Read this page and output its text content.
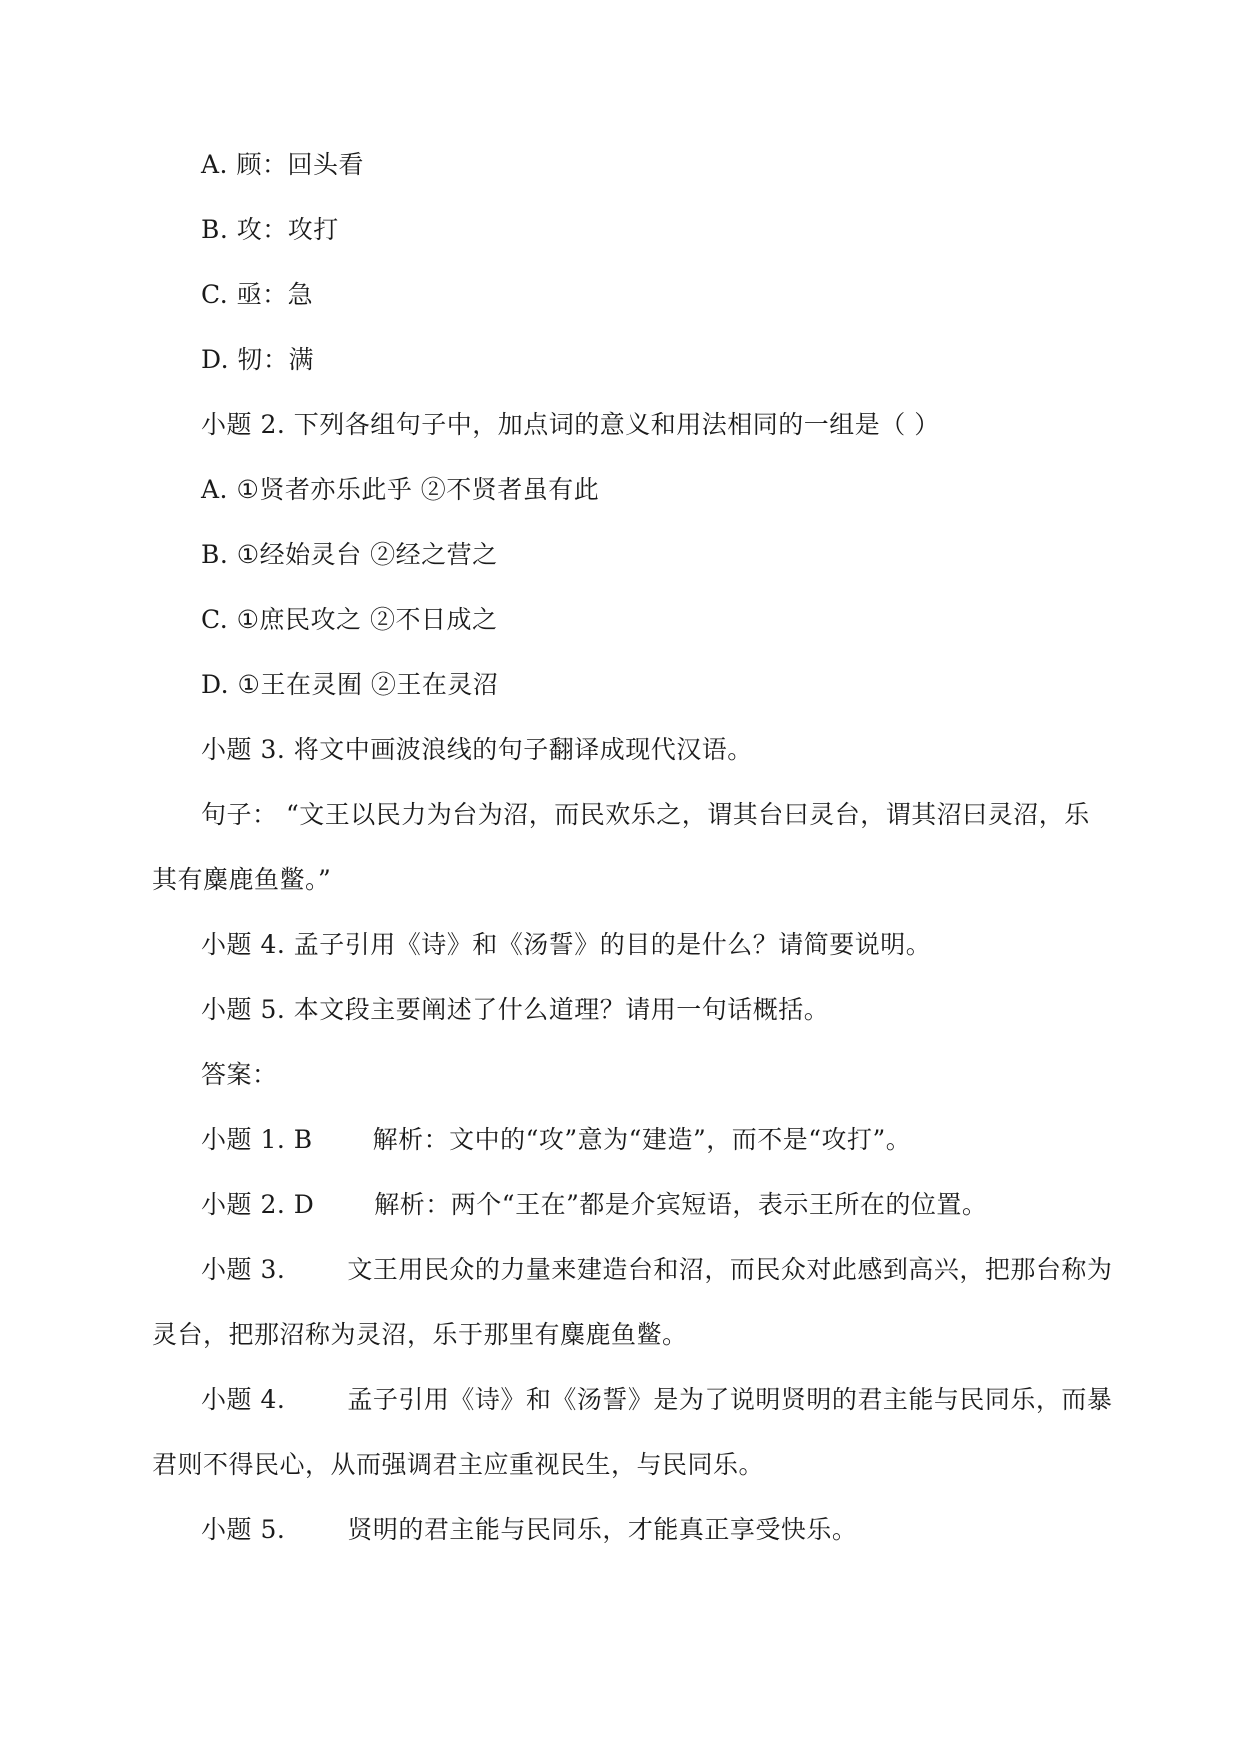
A. 顾：回头看
B. 攻：攻打
C. 亟：急
D. 牣：满
小题 2. 下列各组句子中，加点词的意义和用法相同的一组是（ ）
A. ①贤者亦乐此乎 ②不贤者虽有此
B. ①经始灵台 ②经之营之
C. ①庶民攻之 ②不日成之
D. ①王在灵囿 ②王在灵沼
小题 3. 将文中画波浪线的句子翻译成现代汉语。
句子： “文王以民力为台为沼，而民欢乐之，谓其台曰灵台，谓其沼曰灵沼，乐
其有麋鹿鱼鳖。”
小题 4. 孟子引用《诗》和《汤誓》的目的是什么？请简要说明。
小题 5. 本文段主要阐述了什么道理？请用一句话概括。
答案：
小题 1. B 解析：文中的“攻”意为“建造”，而不是“攻打”。
小题 2. D 解析：两个“王在”都是介宾短语，表示王所在的位置。
小题 3. 文王用民众的力量来建造台和沼，而民众对此感到高兴，把那台称为
灵台，把那沼称为灵沼，乐于那里有麋鹿鱼鳖。
小题 4. 孟子引用《诗》和《汤誓》是为了说明贤明的君主能与民同乐，而暴
君则不得民心，从而强调君主应重视民生，与民同乐。
小题 5. 贤明的君主能与民同乐，才能真正享受快乐。
